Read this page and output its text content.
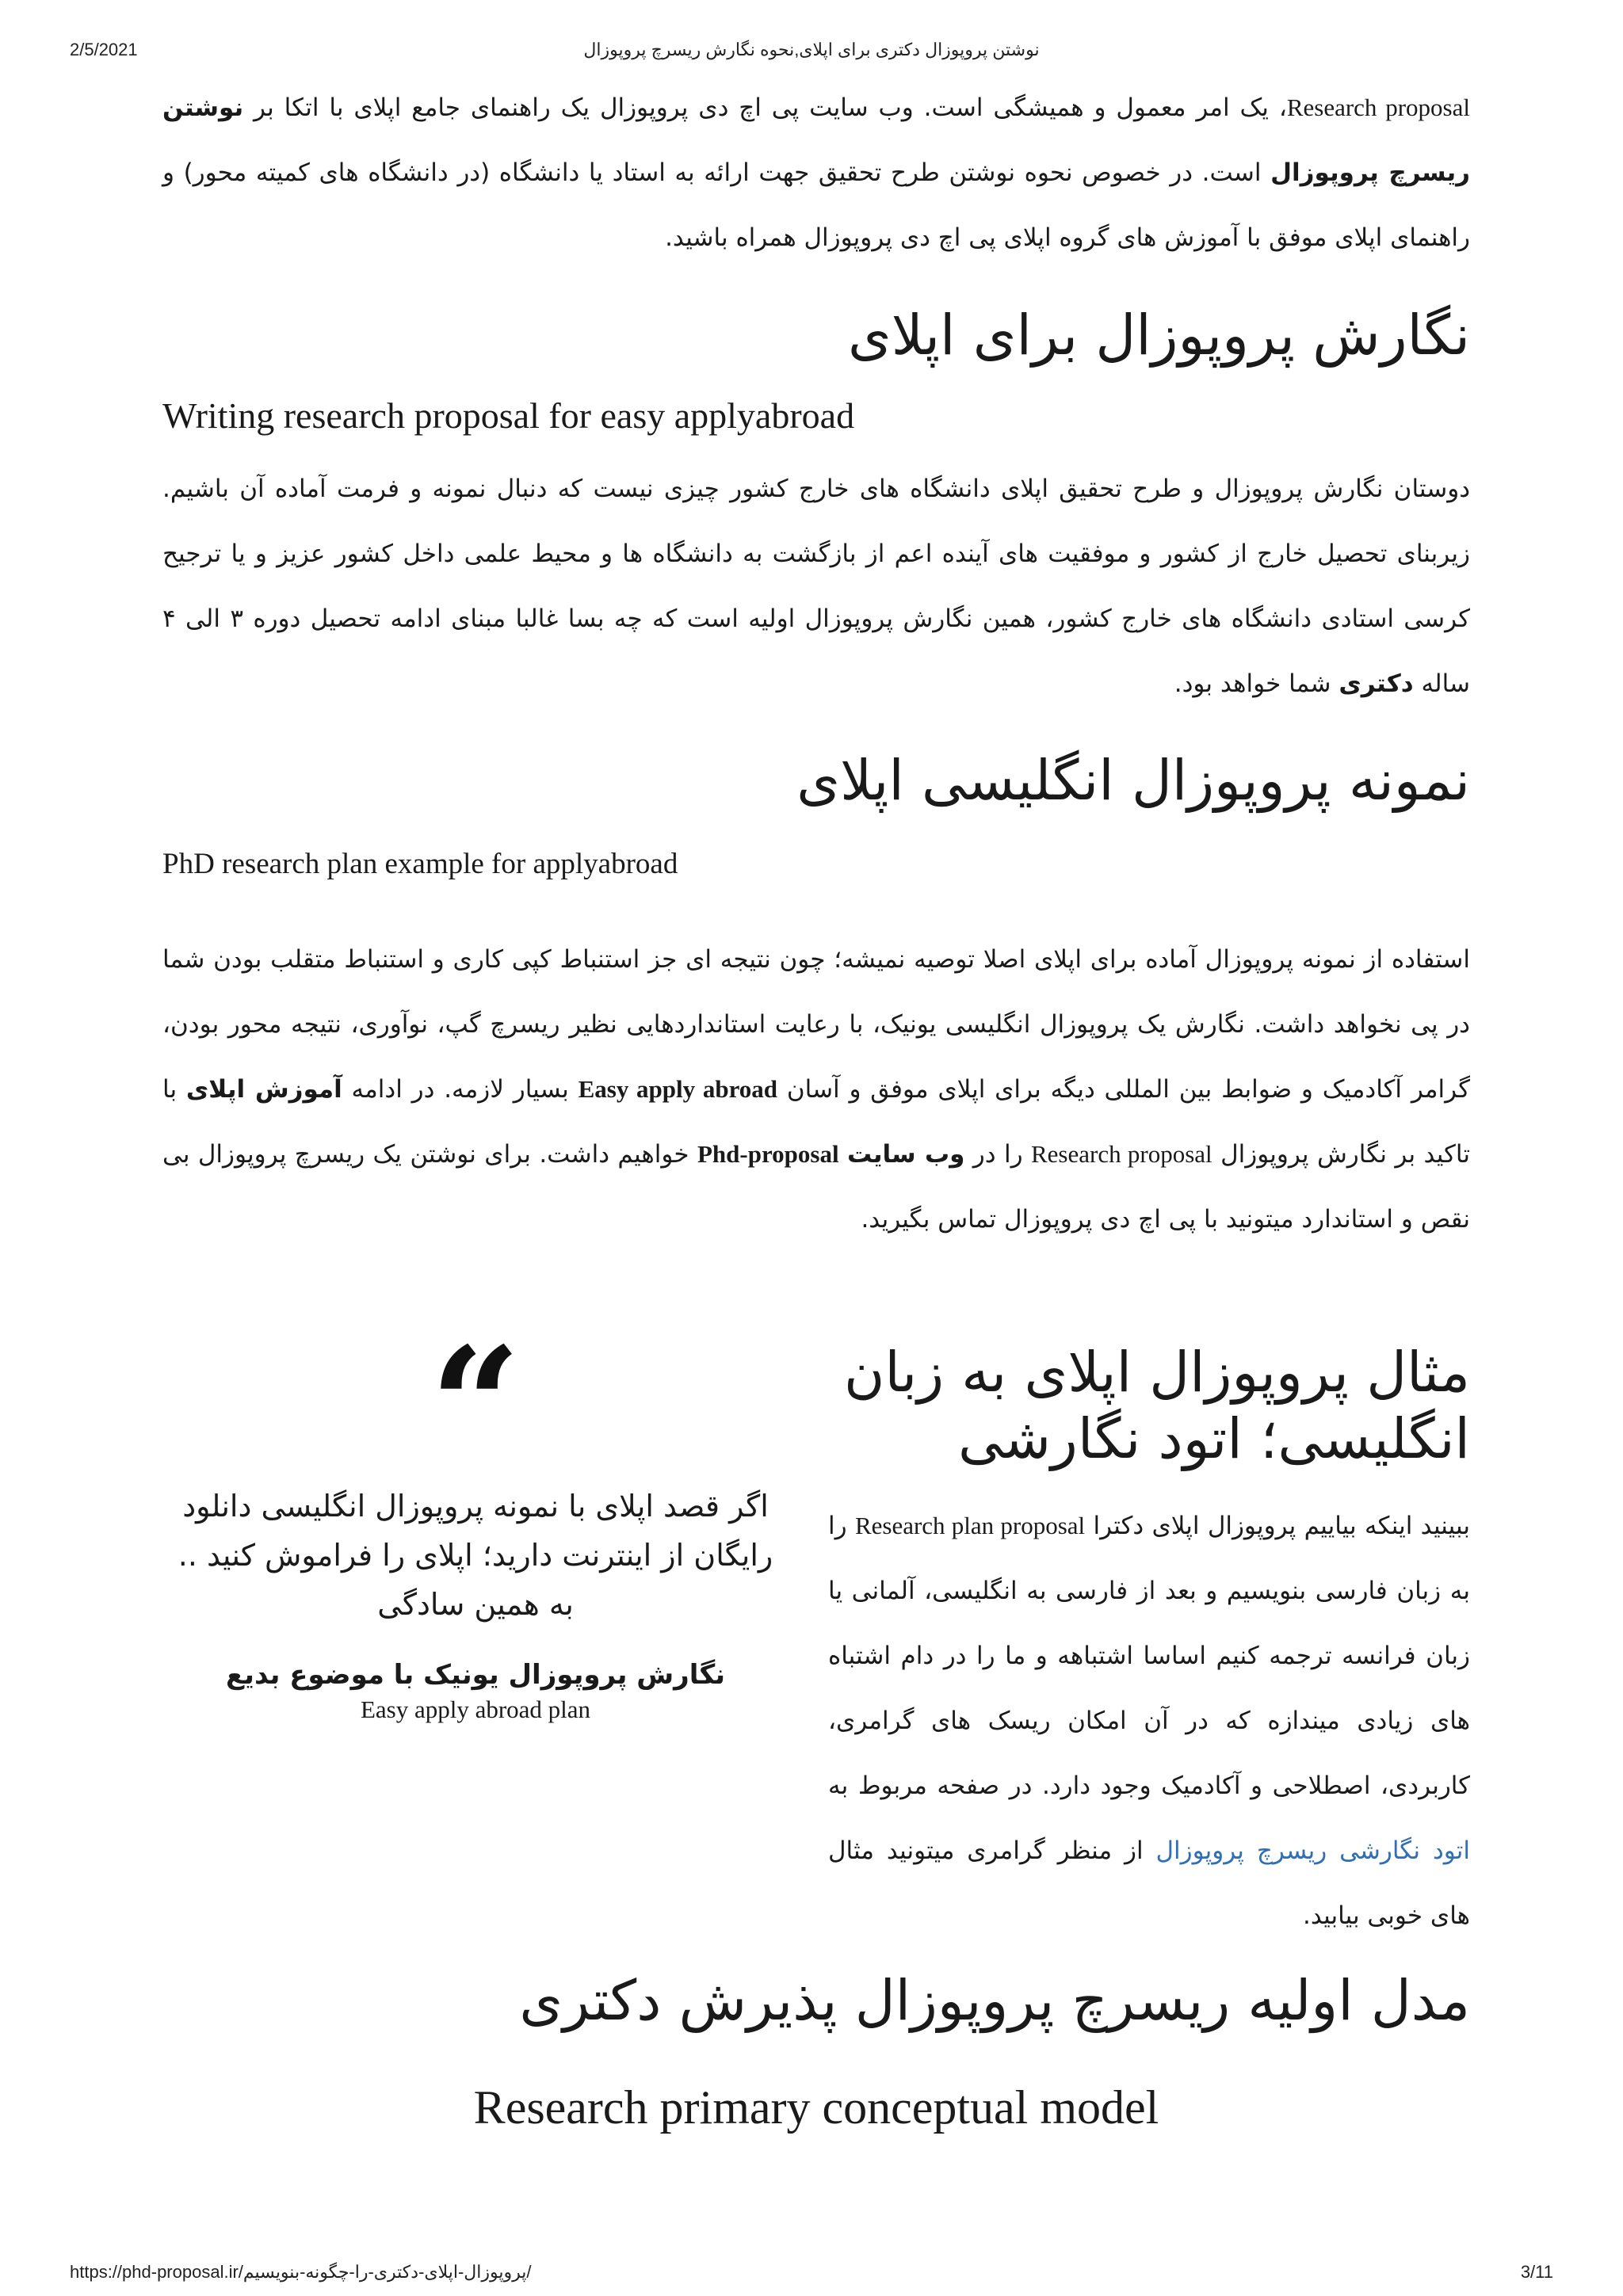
2/5/2021	نوشتن پروپوزال دکتری برای اپلای,نحوه نگارش ریسرچ پروپوزال

Research proposal، یک امر معمول و همیشگی است. وب سایت پی اچ دی پروپوزال یک راهنمای جامع اپلای با اتکا بر نوشتن ریسرچ پروپوزال است. در خصوص نحوه نوشتن طرح تحقیق جهت ارائه به استاد یا دانشگاه (در دانشگاه های کمیته محور) و راهنمای اپلای موفق با آموزش های گروه اپلای پی اچ دی پروپوزال همراه باشید.

نگارش پروپوزال برای اپلای
Writing research proposal for easy applyabroad

دوستان نگارش پروپوزال و طرح تحقیق اپلای دانشگاه های خارج کشور چیزی نیست که دنبال نمونه و فرمت آماده آن باشیم. زیربنای تحصیل خارج از کشور و موفقیت های آینده اعم از بازگشت به دانشگاه ها و محیط علمی داخل کشور عزیز و یا ترجیح کرسی استادی دانشگاه های خارج کشور، همین نگارش پروپوزال اولیه است که چه بسا غالبا مبنای ادامه تحصیل دوره ۳ الی ۴ ساله دکتری شما خواهد بود.

نمونه پروپوزال انگلیسی اپلای
PhD research plan example for applyabroad

استفاده از نمونه پروپوزال آماده برای اپلای اصلا توصیه نمیشه؛ چون نتیجه ای جز استنباط کپی کاری و استنباط متقلب بودن شما در پی نخواهد داشت. نگارش یک پروپوزال انگلیسی یونیک، با رعایت استانداردهایی نظیر ریسرچ گپ، نوآوری، نتیجه محور بودن، گرامر آکادمیک و ضوابط بین المللی دیگه برای اپلای موفق و آسان Easy apply abroad بسیار لازمه. در ادامه آموزش اپلای با تاکید بر نگارش پروپوزال Research proposal را در وب سایت Phd-proposal خواهیم داشت. برای نوشتن یک ریسرچ پروپوزال بی نقص و استاندارد میتونید با پی اچ دی پروپوزال تماس بگیرید.

“
اگر قصد اپلای با نمونه پروپوزال انگلیسی دانلود رایگان از اینترنت دارید؛ اپلای را فراموش کنید .. به همین سادگی
نگارش پروپوزال یونیک با موضوع بدیع
Easy apply abroad plan
مثال پروپوزال اپلای به زبان انگلیسی؛ اتود نگارشی

ببینید اینکه بیاییم پروپوزال اپلای دکترا Research plan proposal را به زبان فارسی بنویسیم و بعد از فارسی به انگلیسی، آلمانی یا زبان فرانسه ترجمه کنیم اساسا اشتباهه و ما را در دام اشتباه های زیادی میندازه که در آن امکان ریسک های گرامری، کاربردی، اصطلاحی و آکادمیک وجود دارد. در صفحه مربوط به اتود نگارشی ریسرچ پروپوزال از منظر گرامری میتونید مثال های خوبی بیابید.

مدل اولیه ریسرچ پروپوزال پذیرش دکتری
Research primary conceptual model
https://phd-proposal.ir/پروپوزال-اپلای-دکتری-را-چگونه-بنویسیم/	3/11
